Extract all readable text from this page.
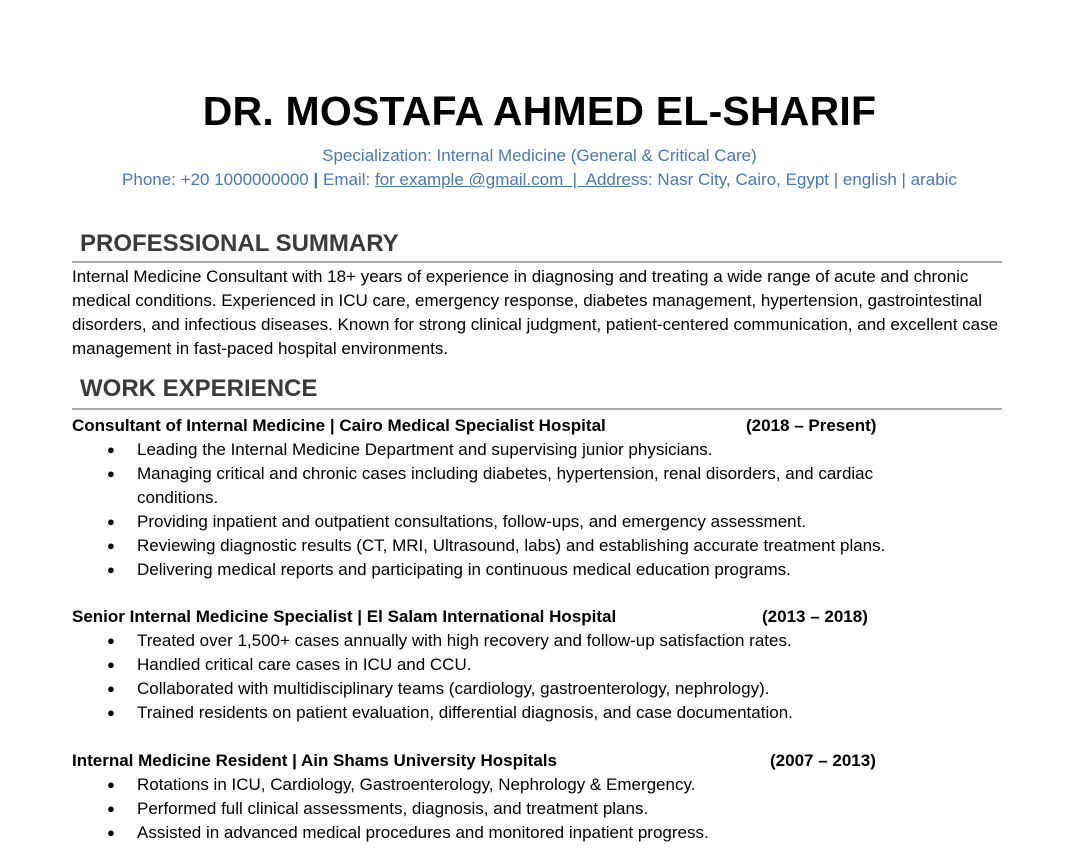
DR. MOSTAFA AHMED EL-SHARIF
Specialization: Internal Medicine (General & Critical Care)
Phone: +20 1000000000 | Email: for example @gmail.com  |  Address: Nasr City, Cairo, Egypt | english | arabic
PROFESSIONAL SUMMARY
Internal Medicine Consultant with 18+ years of experience in diagnosing and treating a wide range of acute and chronic medical conditions. Experienced in ICU care, emergency response, diabetes management, hypertension, gastrointestinal disorders, and infectious diseases. Known for strong clinical judgment, patient-centered communication, and excellent case management in fast-paced hospital environments.
WORK EXPERIENCE
Consultant of Internal Medicine | Cairo Medical Specialist Hospital	(2018 – Present)
● Leading the Internal Medicine Department and supervising junior physicians.
● Managing critical and chronic cases including diabetes, hypertension, renal disorders, and cardiac conditions.
● Providing inpatient and outpatient consultations, follow-ups, and emergency assessment.
● Reviewing diagnostic results (CT, MRI, Ultrasound, labs) and establishing accurate treatment plans.
● Delivering medical reports and participating in continuous medical education programs.
Senior Internal Medicine Specialist | El Salam International Hospital	(2013 – 2018)
● Treated over 1,500+ cases annually with high recovery and follow-up satisfaction rates.
● Handled critical care cases in ICU and CCU.
● Collaborated with multidisciplinary teams (cardiology, gastroenterology, nephrology).
● Trained residents on patient evaluation, differential diagnosis, and case documentation.
Internal Medicine Resident | Ain Shams University Hospitals	(2007 – 2013)
● Rotations in ICU, Cardiology, Gastroenterology, Nephrology & Emergency.
● Performed full clinical assessments, diagnosis, and treatment plans.
● Assisted in advanced medical procedures and monitored inpatient progress.
